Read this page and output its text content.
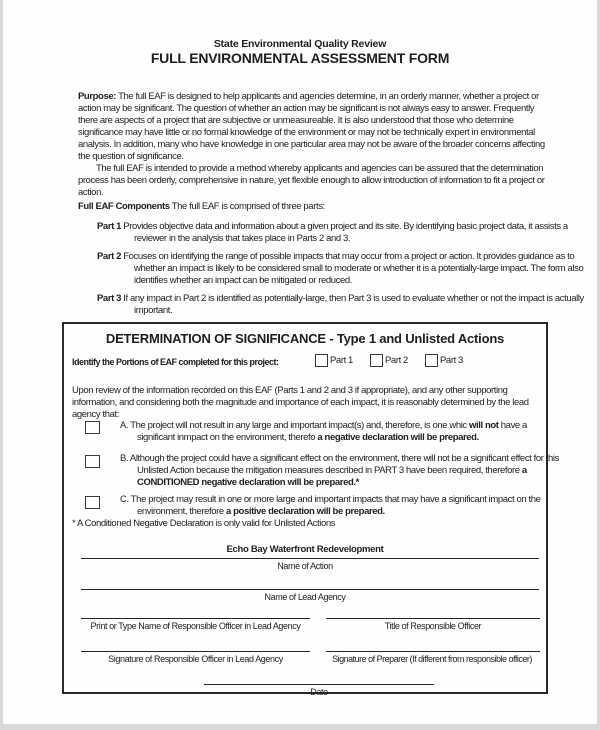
State Environmental Quality Review
FULL ENVIRONMENTAL ASSESSMENT FORM
Purpose: The full EAF is designed to help applicants and agencies determine, in an orderly manner, whether a project or action may be significant. The question of whether an action may be significant is not always easy to answer. Frequently there are aspects of a project that are subjective or unmeasureable. It is also understood that those who determine significance may have little or no formal knowledge of the environment or may not be technically expert in environmental analysis. In addition, many who have knowledge in one particular area may not be aware of the broader concerns affecting the question of significance.
The full EAF is intended to provide a method whereby applicants and agencies can be assured that the determination process has been orderly, comprehensive in nature, yet flexible enough to allow introduction of information to fit a project or action.
Full EAF Components The full EAF is comprised of three parts:
Part 1 Provides objective data and information about a given project and its site. By identifying basic project data, it assists a reviewer in the analysis that takes place in Parts 2 and 3.
Part 2 Focuses on identifying the range of possible impacts that may occur from a project or action. It provides guidance as to whether an impact is likely to be considered small to moderate or whether it is a potentially-large impact. The form also identifies whether an impact can be mitigated or reduced.
Part 3 If any impact in Part 2 is identified as potentially-large, then Part 3 is used to evaluate whether or not the impact is actually important.
DETERMINATION OF SIGNIFICANCE - Type 1 and Unlisted Actions
Identify the Portions of EAF completed for this project:	Part 1	Part 2	Part 3
Upon review of the information recorded on this EAF (Parts 1 and 2 and 3 if appropriate), and any other supporting information, and considering both the magnitude and importance of each impact, it is reasonably determined by the lead agency that:
A. The project will not result in any large and important impact(s) and, therefore, is one whic will not have a significant inmpact on the environment, therefo a negative declaration will be prepared.
B. Although the project could have a significant effect on the environment, there will not be a significant effect for this Unlisted Action because the mitigation measures described in PART 3 have been required, therefore a CONDITIONED negative declaration will be prepared.*
C. The project may result in one or more large and important impacts that may have a significant impact on the environment, therefore a positive declaration will be prepared.
* A Conditioned Negative Declaration is only valid for Unlisted Actions
Echo Bay Waterfront Redevelopment
Name of Action
Name of Lead Agency
Print or Type Name of Responsible Officer in Lead Agency	Title of Responsible Officer
Signature of Responsible Officer in Lead Agency	Signature of Preparer (If different from responsible officer)
Date
